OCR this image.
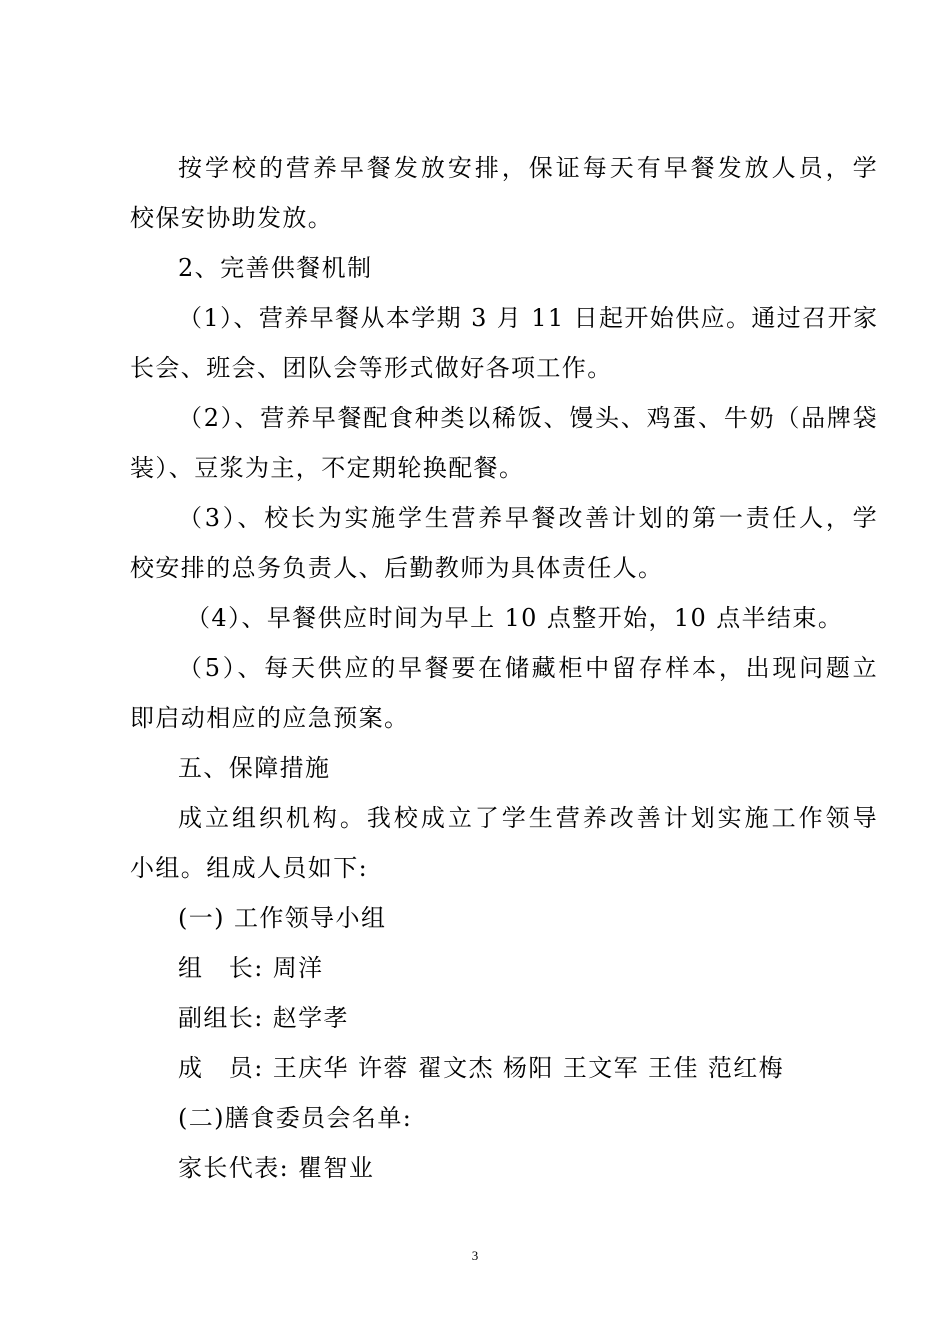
按学校的营养早餐发放安排，保证每天有早餐发放人员，学
校保安协助发放。
2、完善供餐机制
（1）、营养早餐从本学期 3 月 11 日起开始供应。通过召开家
长会、班会、团队会等形式做好各项工作。
（2）、营养早餐配食种类以稀饭、馒头、鸡蛋、牛奶（品牌袋
装）、豆浆为主，不定期轮换配餐。
（3）、校长为实施学生营养早餐改善计划的第一责任人，学
校安排的总务负责人、后勤教师为具体责任人。
（4）、早餐供应时间为早上 10 点整开始，10 点半结束。
（5）、每天供应的早餐要在储藏柜中留存样本，出现问题立
即启动相应的应急预案。
五、保障措施
成立组织机构。我校成立了学生营养改善计划实施工作领导
小组。组成人员如下:
(一) 工作领导小组
组　长: 周洋
副组长: 赵学孝
成　员: 王庆华 许蓉 翟文杰 杨阳 王文军 王佳 范红梅
(二)膳食委员会名单:
家长代表: 瞿智业
3
